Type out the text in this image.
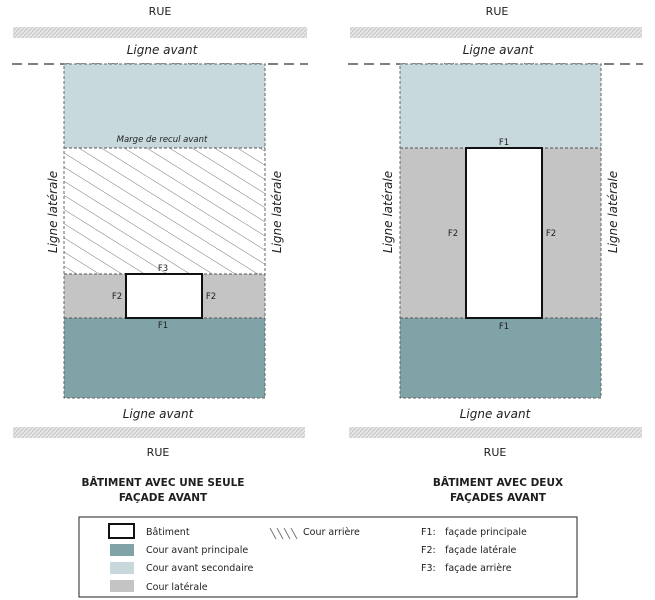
RUE
Ligne avant
Marge de recul avant
F3
F2	F2
F1
Ligne latérale	Ligne latérale
Ligne avant
RUE
BÂTIMENT AVEC UNE SEULE
FAÇADE AVANT
RUE
Ligne avant
F1
F2	F2
F1
Ligne latérale	Ligne latérale
Ligne avant
RUE
BÂTIMENT AVEC DEUX
FAÇADES AVANT
Bâtiment
Cour avant principale
Cour avant secondaire
Cour latérale
Cour arrière	F1: façade principale
F2: façade latérale
F3: façade arrière
